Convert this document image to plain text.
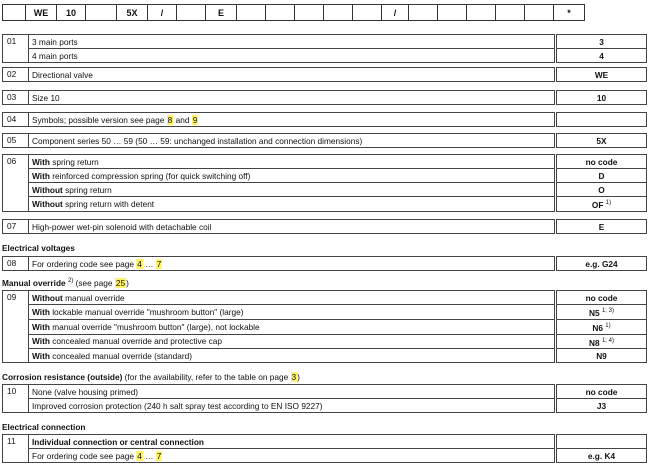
WE	10	5X	/	E	/	*
01	3 main ports		3
	4 main ports		4
02	Directional valve		WE
03	Size 10		10
04	Symbols; possible version see page 8 and 9		
05	Component series 50 … 59 (50 … 59: unchanged installation and connection dimensions)		5X
06	With spring return		no code
	With reinforced compression spring (for quick switching off)		D
	Without spring return		O
	Without spring return with detent		OF $^{1)}$
07	High-power wet-pin solenoid with detachable coil		E
Electrical voltages
08	For ordering code see page 4 … 7		e.g. G24
Manual override $^{2)}$ (see page 25)
09	Without manual override		no code
	With lockable manual override "mushroom button" (large)		N5 $^{1; 3)}$
	With manual override "mushroom button" (large), not lockable		N6 $^{1)}$
	With concealed manual override and protective cap		N8 $^{1; 4)}$
	With concealed manual override (standard)		N9
Corrosion resistance (outside) (for the availability, refer to the table on page 3)
10	None (valve housing primed)		no code
	Improved corrosion protection (240 h salt spray test according to EN ISO 9227)		J3
Electrical connection
11	Individual connection or central connection		
	For ordering code see page 4 … 7		e.g. K4
